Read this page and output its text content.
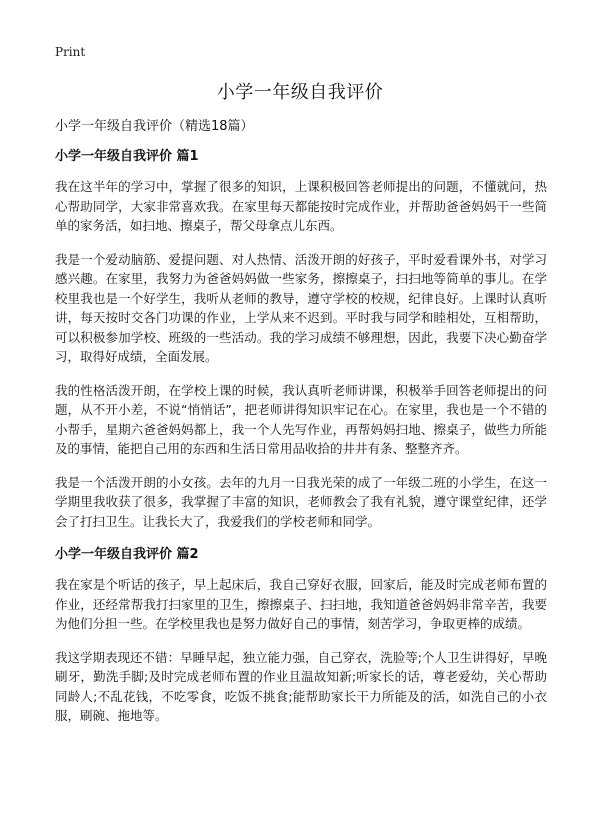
Print
小学一年级自我评价

小学一年级自我评价（精选18篇）

小学一年级自我评价 篇1

我在这半年的学习中，掌握了很多的知识，上课积极回答老师提出的问题，不懂就问，热心帮助同学，大家非常喜欢我。在家里每天都能按时完成作业，并帮助爸爸妈妈干一些简单的家务活，如扫地、擦桌子，帮父母拿点儿东西。

我是一个爱动脑筋、爱提问题、对人热情、活泼开朗的好孩子，平时爱看课外书，对学习感兴趣。在家里，我努力为爸爸妈妈做一些家务，擦擦桌子，扫扫地等简单的事儿。在学校里我也是一个好学生，我听从老师的教导，遵守学校的校规，纪律良好。上课时认真听讲，每天按时交各门功课的作业，上学从来不迟到。平时我与同学和睦相处，互相帮助，可以积极参加学校、班级的一些活动。我的学习成绩不够理想，因此，我要下决心勤奋学习，取得好成绩，全面发展。

我的性格活泼开朗，在学校上课的时候，我认真听老师讲课，积极举手回答老师提出的问题，从不开小差，不说“悄悄话”，把老师讲得知识牢记在心。在家里，我也是一个不错的小帮手，星期六爸爸妈妈都上，我一个人先写作业，再帮妈妈扫地、擦桌子，做些力所能及的事情，能把自己用的东西和生活日常用品收拾的井井有条、整整齐齐。

我是一个活泼开朗的小女孩。去年的九月一日我光荣的成了一年级二班的小学生，在这一学期里我收获了很多，我掌握了丰富的知识，老师教会了我有礼貌，遵守课堂纪律，还学会了打扫卫生。让我长大了，我爱我们的学校老师和同学。

小学一年级自我评价 篇2

我在家是个听话的孩子，早上起床后，我自己穿好衣服，回家后，能及时完成老师布置的作业，还经常帮我打扫家里的卫生，擦擦桌子、扫扫地，我知道爸爸妈妈非常辛苦，我要为他们分担一些。在学校里我也是努力做好自己的事情，刻苦学习，争取更棒的成绩。

我这学期表现还不错：早睡早起，独立能力强，自己穿衣，洗脸等;个人卫生讲得好，早晚刷牙，勤洗手脚;及时完成老师布置的作业且温故知新;听家长的话，尊老爱幼，关心帮助同龄人;不乱花钱，不吃零食，吃饭不挑食;能帮助家长干力所能及的活，如洗自己的小衣服，刷碗、拖地等。
